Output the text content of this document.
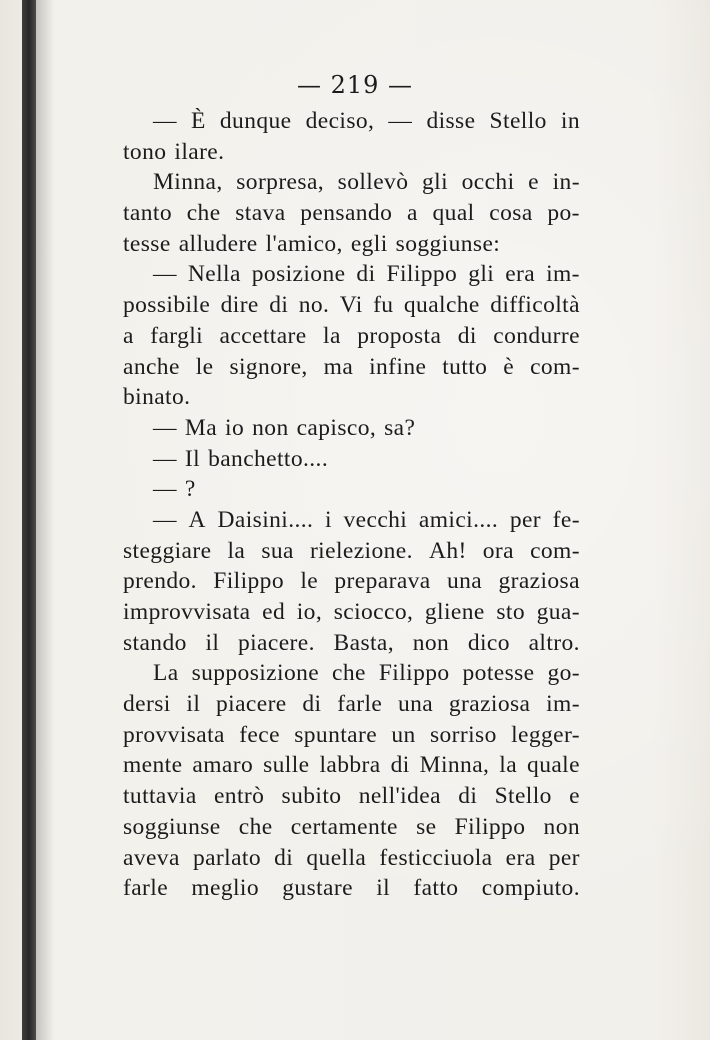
— 219 —
— È dunque deciso, — disse Stello in
tono ilare.
Minna, sorpresa, sollevò gli occhi e in-
tanto che stava pensando a qual cosa po-
tesse alludere l'amico, egli soggiunse:
— Nella posizione di Filippo gli era im-
possibile dire di no. Vi fu qualche difficoltà
a fargli accettare la proposta di condurre
anche le signore, ma infine tutto è com-
binato.
— Ma io non capisco, sa?
— Il banchetto....
— ?
— A Daisini.... i vecchi amici.... per fe-
steggiare la sua rielezione. Ah! ora com-
prendo. Filippo le preparava una graziosa
improvvisata ed io, sciocco, gliene sto gua-
stando il piacere. Basta, non dico altro.
La supposizione che Filippo potesse go-
dersi il piacere di farle una graziosa im-
provvisata fece spuntare un sorriso legger-
mente amaro sulle labbra di Minna, la quale
tuttavia entrò subito nell'idea di Stello e
soggiunse che certamente se Filippo non
aveva parlato di quella festicciuola era per
farle meglio gustare il fatto compiuto.
